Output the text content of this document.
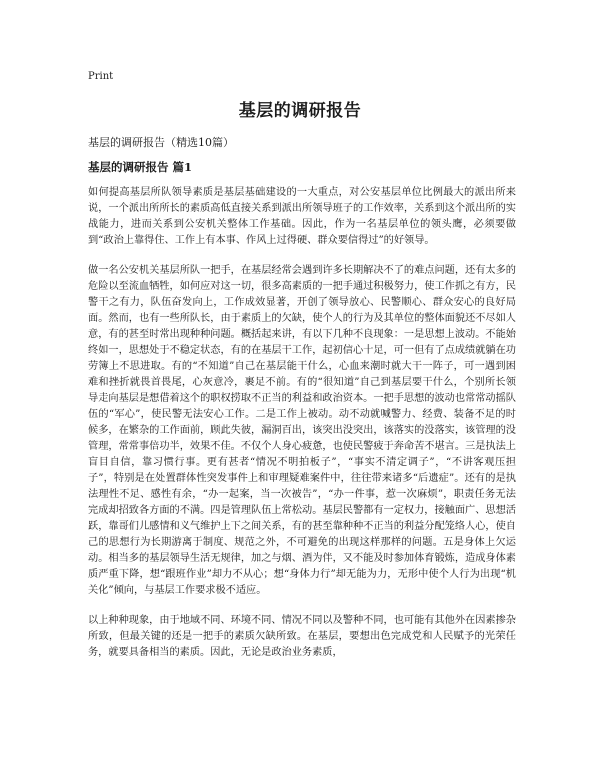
Print
基层的调研报告
基层的调研报告（精选10篇）
基层的调研报告 篇1

如何提高基层所队领导素质是基层基础建设的一大重点，对公安基层单位比例最大的派出所来说，一个派出所所长的素质高低直接关系到派出所领导班子的工作效率，关系到这个派出所的实战能力，进而关系到公安机关整体工作基础。因此，作为一名基层单位的领头鹰，必须要做到“政治上靠得住、工作上有本事、作风上过得硬、群众要信得过”的好领导。

做一名公安机关基层所队一把手，在基层经常会遇到许多长期解决不了的难点问题，还有太多的危险以至流血牺牲，如何应对这一切，很多高素质的一把手通过积极努力，使工作抓之有方，民警干之有力，队伍奋发向上，工作成效显著，开创了领导放心、民警顺心、群众安心的良好局面。然而，也有一些所队长，由于素质上的欠缺，使个人的行为及其单位的整体面貌还不尽如人意，有的甚至时常出现种种问题。概括起来讲，有以下几种不良现象：一是思想上波动。不能始终如一，思想处于不稳定状态，有的在基层干工作，起初信心十足，可一但有了点成绩就躺在功劳簿上不思进取。有的“不知道”自己在基层能干什么，心血来潮时就大干一阵子，可一遇到困难和挫折就畏首畏尾，心灰意冷，裹足不前。有的“很知道”自己到基层要干什么，个别所长领导走向基层是想借着这个的职权捞取不正当的利益和政治资本。一把手思想的波动也常常动摇队伍的“军心”，使民警无法安心工作。二是工作上被动。动不动就喊警力、经费、装备不足的时候多，在繁杂的工作面前，顾此失彼，漏洞百出，该突出没突出，该落实的没落实，该管理的没管理，常常事倍功半，效果不佳。不仅个人身心疲惫，也使民警疲于奔命苦不堪言。三是执法上盲目自信，靠习惯行事。更有甚者“情况不明拍板子”，“事实不清定调子”，“不讲客观压担子”，特别是在处置群体性突发事件上和审理疑难案件中，往往带来诸多“后遗症”。还有的是执法理性不足、感性有余，“办一起案，当一次被告”，“办一件事，惹一次麻烦”，职责任务无法完成却招致各方面的不满。四是管理队伍上常松动。基层民警都有一定权力，接触面广、思想活跃，靠哥们儿感情和义气维护上下之间关系，有的甚至靠种种不正当的利益分配笼络人心，使自己的思想行为长期游离于制度、规范之外，不可避免的出现这样那样的问题。五是身体上欠运动。相当多的基层领导生活无规律，加之与烟、酒为伴，又不能及时参加体育锻炼，造成身体素质严重下降，想“跟班作业”却力不从心；想“身体力行”却无能为力，无形中使个人行为出现“机关化”倾向，与基层工作要求极不适应。

以上种种现象，由于地域不同、环境不同、情况不同以及警种不同，也可能有其他外在因素掺杂所致，但最关键的还是一把手的素质欠缺所致。在基层，要想出色完成党和人民赋予的光荣任务，就要具备相当的素质。因此，无论是政治业务素质，
